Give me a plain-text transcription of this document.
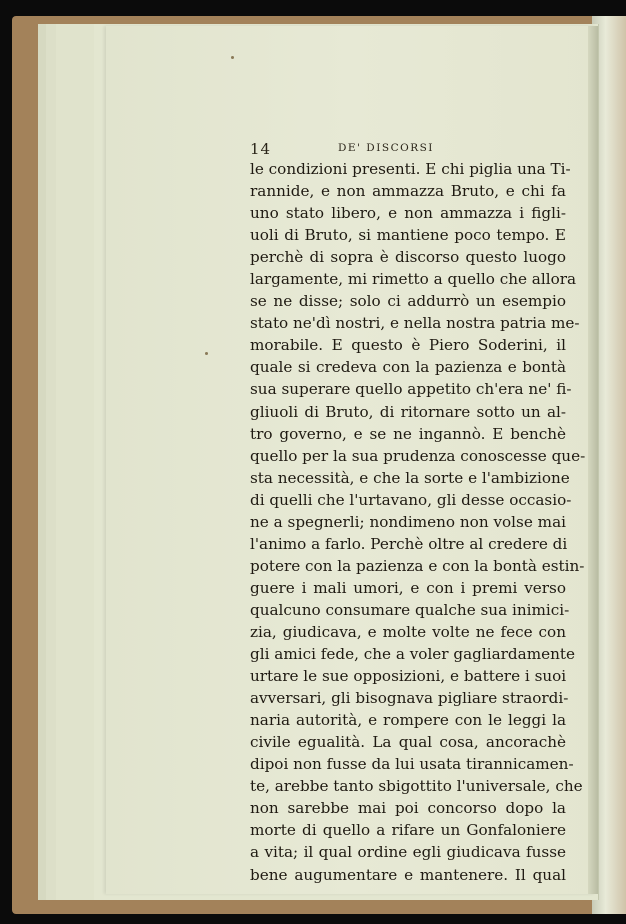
14	DE' DISCORSI
le condizioni presenti. E chi piglia una Ti-
rannide, e non ammazza Bruto, e chi fa
uno stato libero, e non ammazza i figli-
uoli di Bruto, si mantiene poco tempo. E
perchè di sopra è discorso questo luogo
largamente, mi rimetto a quello che allora
se ne disse; solo ci addurrò un esempio
stato ne'dì nostri, e nella nostra patria me-
morabile. E questo è Piero Soderini, il
quale si credeva con la pazienza e bontà
sua superare quello appetito ch'era ne' fi-
gliuoli di Bruto, di ritornare sotto un al-
tro governo, e se ne ingannò. E benchè
quello per la sua prudenza conoscesse que-
sta necessità, e che la sorte e l'ambizione
di quelli che l'urtavano, gli desse occasio-
ne a spegnerli; nondimeno non volse mai
l'animo a farlo. Perchè oltre al credere di
potere con la pazienza e con la bontà estin-
guere i mali umori, e con i premi verso
qualcuno consumare qualche sua inimici-
zia, giudicava, e molte volte ne fece con
gli amici fede, che a voler gagliardamente
urtare le sue opposizioni, e battere i suoi
avversari, gli bisognava pigliare straordi-
naria autorità, e rompere con le leggi la
civile egualità. La qual cosa, ancorachè
dipoi non fusse da lui usata tirannicamen-
te, arebbe tanto sbigottito l'universale, che
non sarebbe mai poi concorso dopo la
morte di quello a rifare un Gonfaloniere
a vita; il qual ordine egli giudicava fusse
bene augumentare e mantenere. Il qual
